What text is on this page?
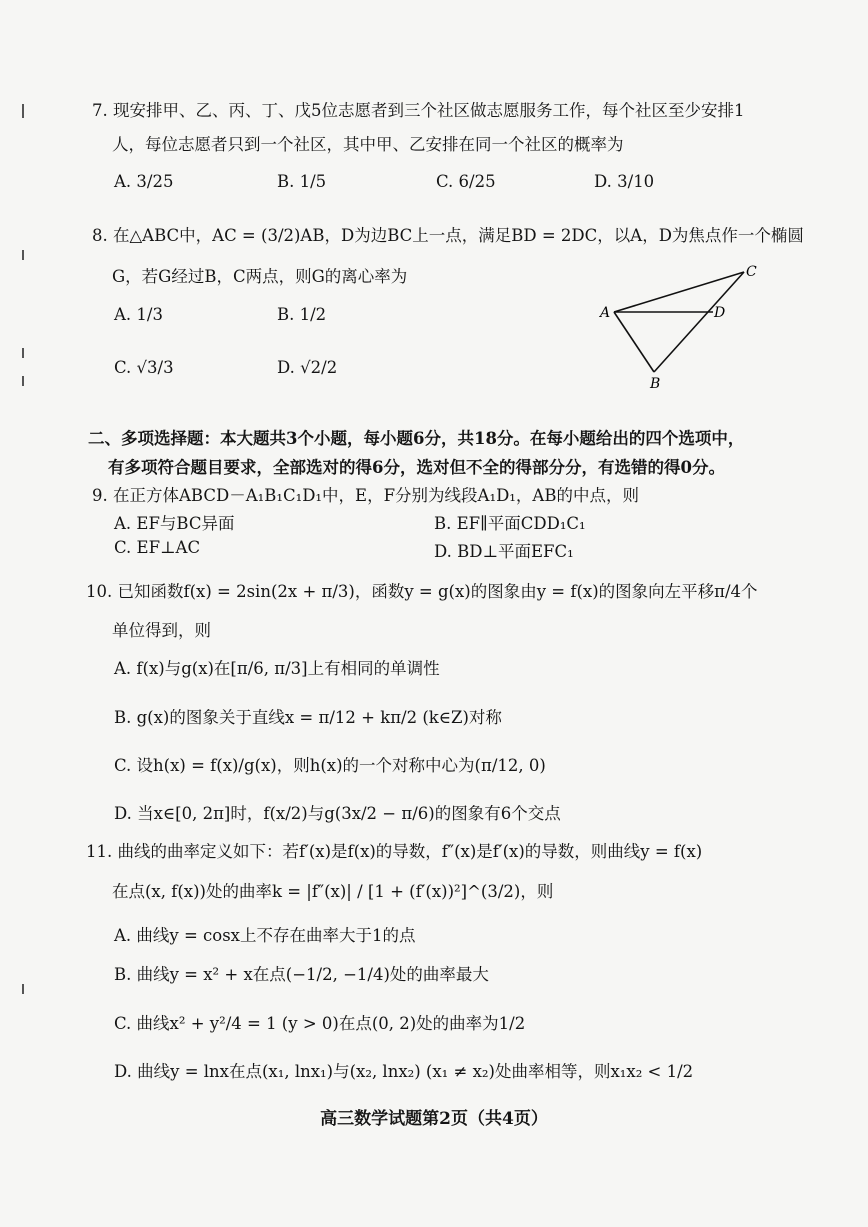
7. 现安排甲、乙、丙、丁、戊5位志愿者到三个社区做志愿服务工作，每个社区至少安排1
人，每位志愿者只到一个社区，其中甲、乙安排在同一个社区的概率为
A. 3/25	B. 1/5	C. 6/25	D. 3/10
8. 在△ABC中，AC = (3/2)AB，D为边BC上一点，满足BD = 2DC，以A，D为焦点作一个椭圆
G，若G经过B，C两点，则G的离心率为
A. 1/3	B. 1/2
C. √3/3	D. √2/2
A
B
C
D
二、多项选择题：本大题共3个小题，每小题6分，共18分。在每小题给出的四个选项中，
有多项符合题目要求，全部选对的得6分，选对但不全的得部分分，有选错的得0分。
9. 在正方体ABCD－A₁B₁C₁D₁中，E，F分别为线段A₁D₁，AB的中点，则
A. EF与BC异面	B. EF∥平面CDD₁C₁
C. EF⊥AC	D. BD⊥平面EFC₁
10. 已知函数f(x) = 2sin(2x + π/3)，函数y = g(x)的图象由y = f(x)的图象向左平移π/4个
单位得到，则
A. f(x)与g(x)在[π/6, π/3]上有相同的单调性
B. g(x)的图象关于直线x = π/12 + kπ/2 (k∈Z)对称
C. 设h(x) = f(x)/g(x)，则h(x)的一个对称中心为(π/12, 0)
D. 当x∈[0, 2π]时，f(x/2)与g(3x/2 − π/6)的图象有6个交点
11. 曲线的曲率定义如下：若f′(x)是f(x)的导数，f″(x)是f′(x)的导数，则曲线y = f(x)
在点(x, f(x))处的曲率k = |f″(x)| / [1 + (f′(x))²]^(3/2)，则
A. 曲线y = cosx上不存在曲率大于1的点
B. 曲线y = x² + x在点(−1/2, −1/4)处的曲率最大
C. 曲线x² + y²/4 = 1 (y > 0)在点(0, 2)处的曲率为1/2
D. 曲线y = lnx在点(x₁, lnx₁)与(x₂, lnx₂) (x₁ ≠ x₂)处曲率相等，则x₁x₂ < 1/2
高三数学试题第2页（共4页）
